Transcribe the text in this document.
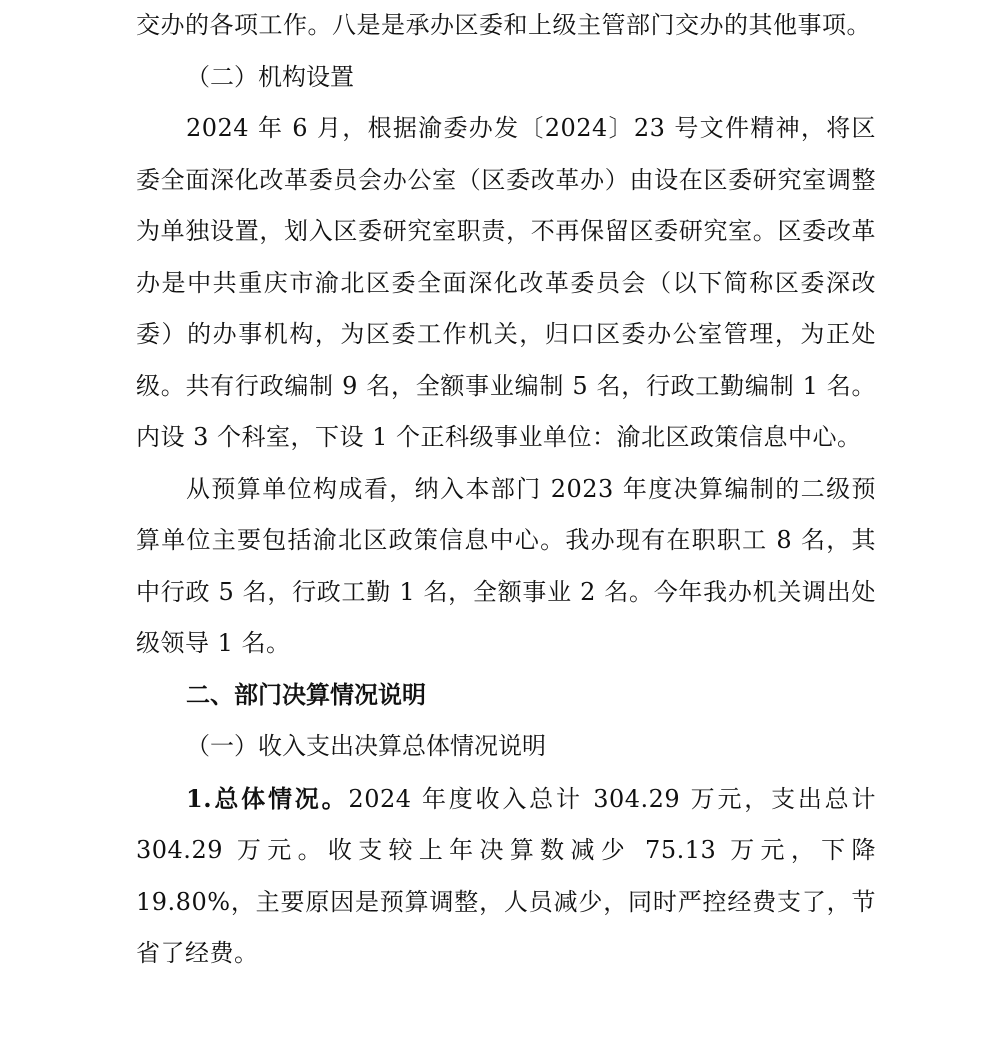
交办的各项工作。八是是承办区委和上级主管部门交办的其他事项。

（二）机构设置

2024 年 6 月，根据渝委办发〔2024〕23 号文件精神，将区委全面深化改革委员会办公室（区委改革办）由设在区委研究室调整为单独设置，划入区委研究室职责，不再保留区委研究室。区委改革办是中共重庆市渝北区委全面深化改革委员会（以下简称区委深改委）的办事机构，为区委工作机关，归口区委办公室管理，为正处级。共有行政编制 9 名，全额事业编制 5 名，行政工勤编制 1 名。内设 3 个科室，下设 1 个正科级事业单位：渝北区政策信息中心。

从预算单位构成看，纳入本部门 2023 年度决算编制的二级预算单位主要包括渝北区政策信息中心。我办现有在职职工 8 名，其中行政 5 名，行政工勤 1 名，全额事业 2 名。今年我办机关调出处级领导 1 名。

二、部门决算情况说明

（一）收入支出决算总体情况说明

1.总体情况。2024 年度收入总计 304.29 万元，支出总计 304.29 万元。收支较上年决算数减少 75.13 万元，下降 19.80%，主要原因是预算调整，人员减少，同时严控经费支了，节省了经费。
